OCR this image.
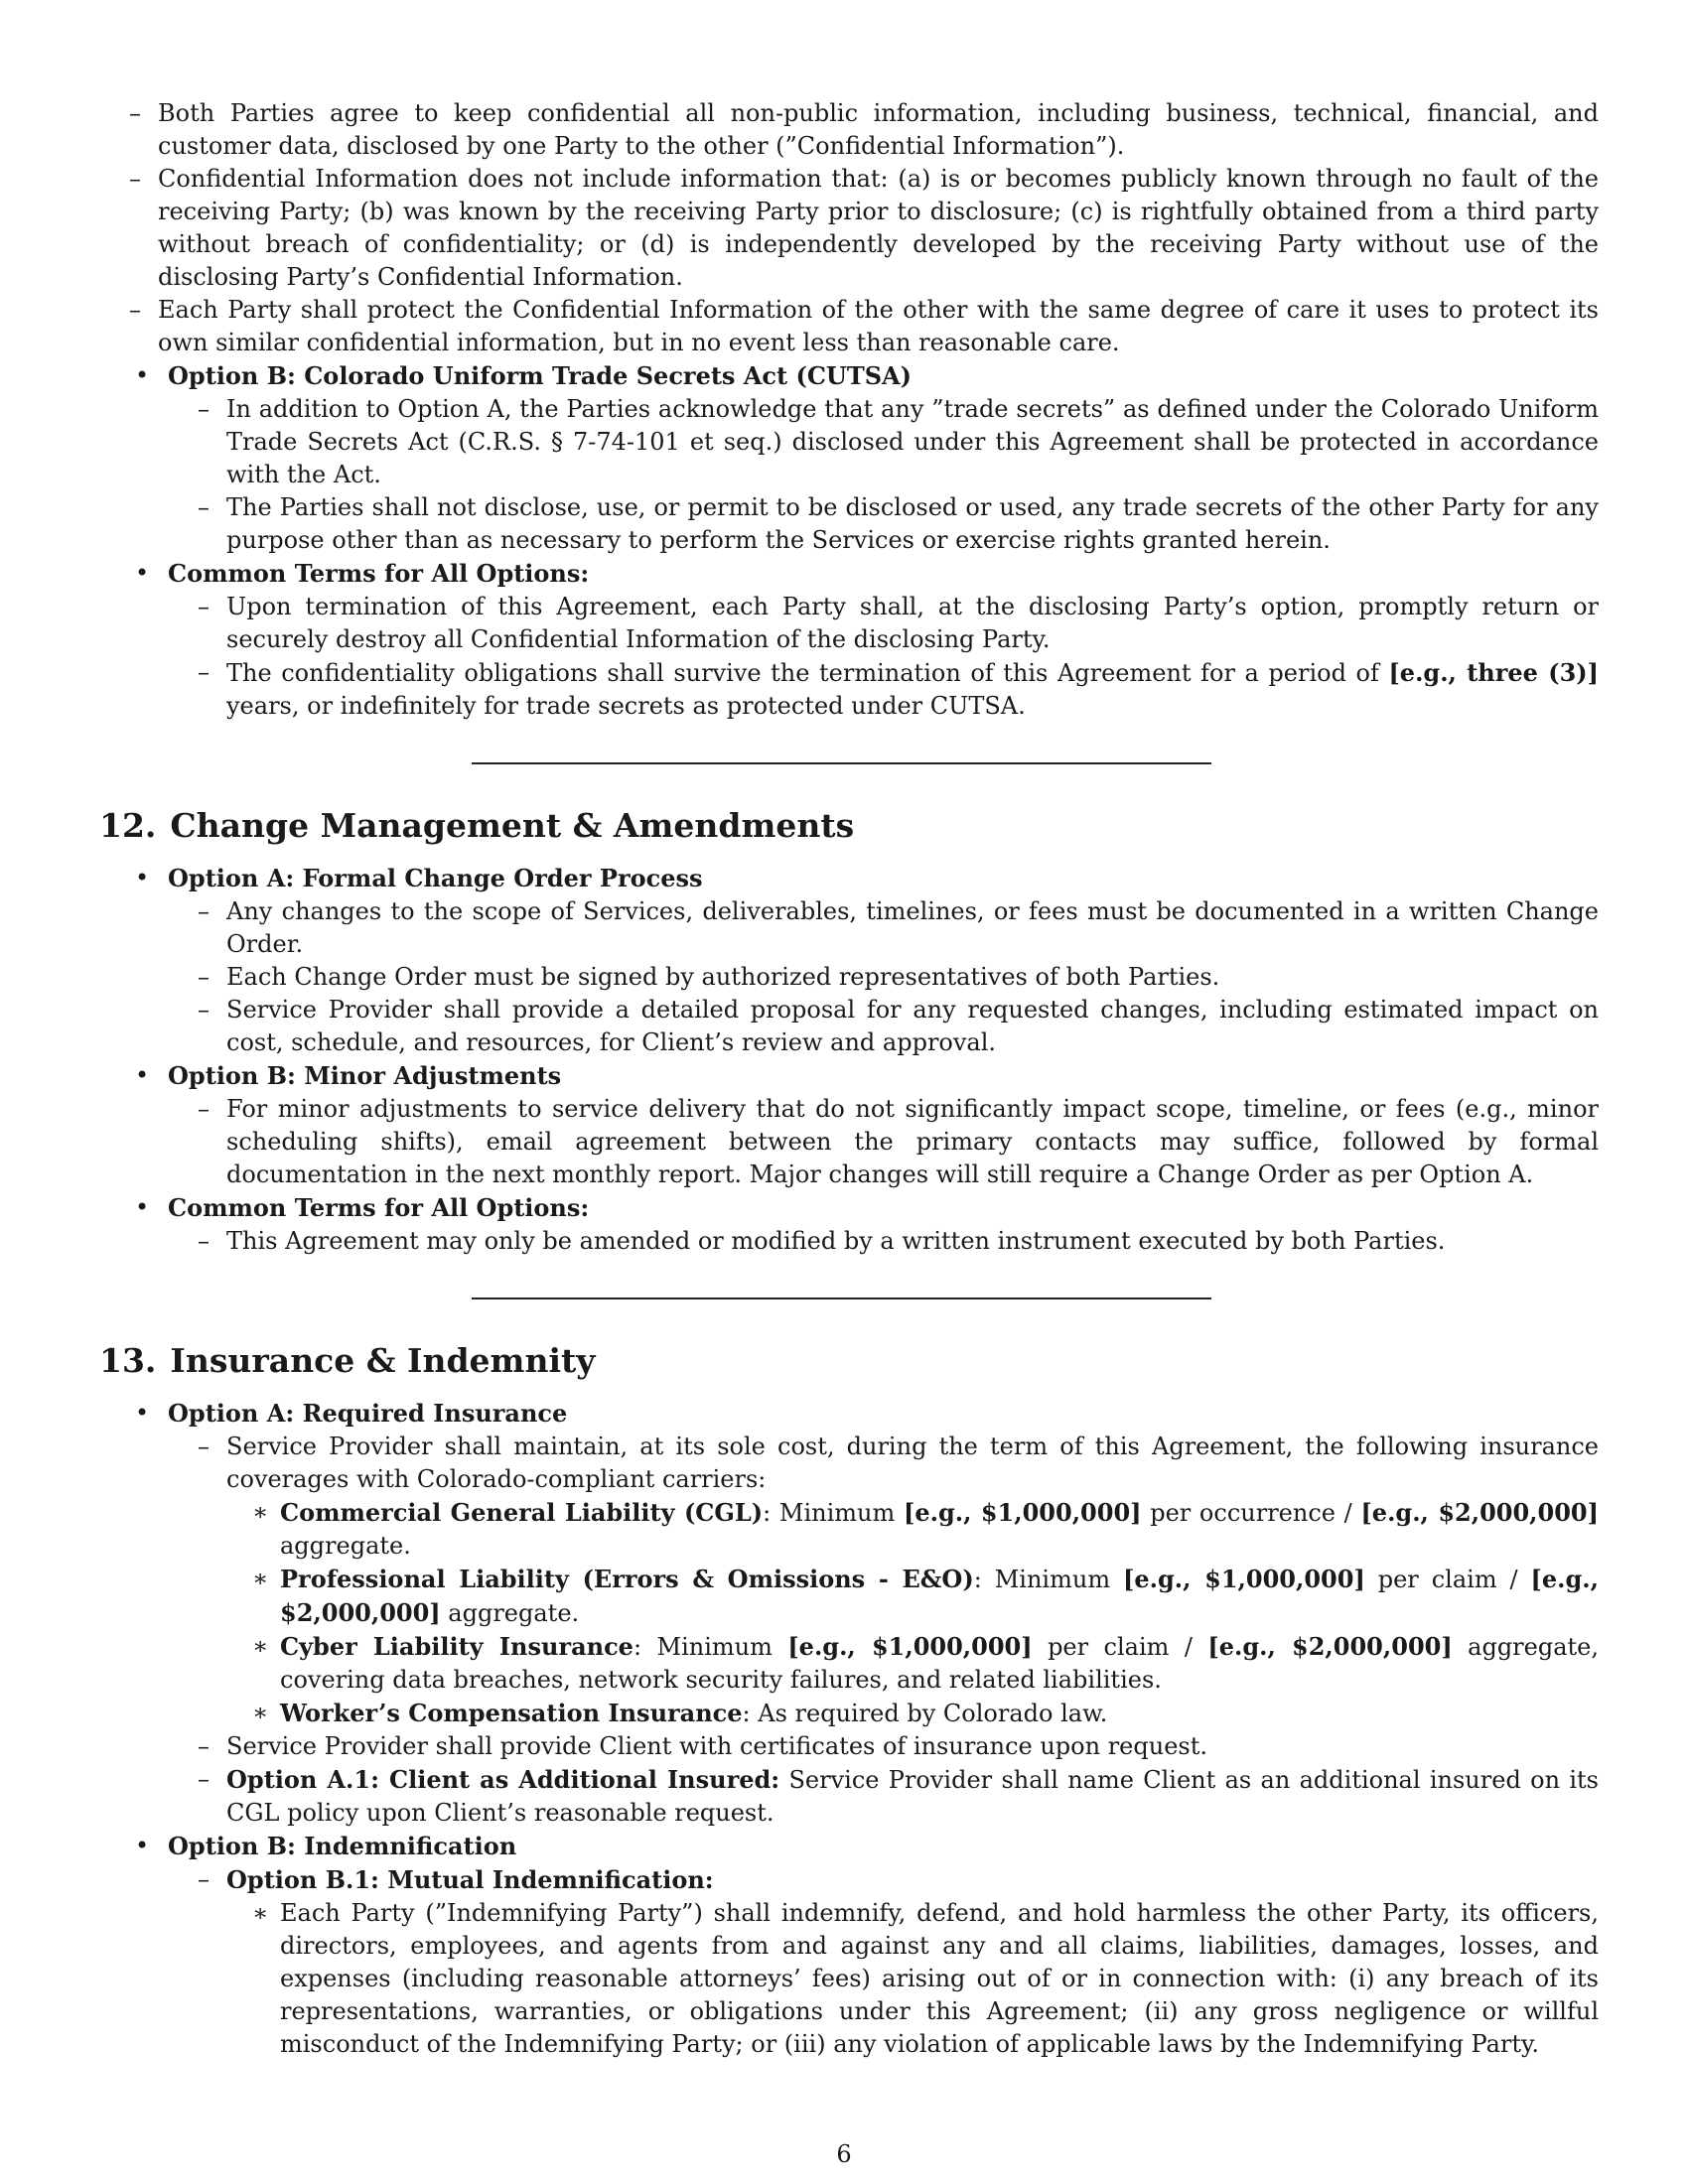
– Both Parties agree to keep confidential all non-public information, including business, technical, financial, and customer data, disclosed by one Party to the other (”Confidential Information”).
– Confidential Information does not include information that: (a) is or becomes publicly known through no fault of the receiving Party; (b) was known by the receiving Party prior to disclosure; (c) is rightfully obtained from a third party without breach of confidentiality; or (d) is independently developed by the receiving Party without use of the disclosing Party’s Confidential Information.
– Each Party shall protect the Confidential Information of the other with the same degree of care it uses to protect its own similar confidential information, but in no event less than reasonable care.
• Option B: Colorado Uniform Trade Secrets Act (CUTSA)
– In addition to Option A, the Parties acknowledge that any ”trade secrets” as defined under the Colorado Uniform Trade Secrets Act (C.R.S. § 7-74-101 et seq.) disclosed under this Agreement shall be protected in accordance with the Act.
– The Parties shall not disclose, use, or permit to be disclosed or used, any trade secrets of the other Party for any purpose other than as necessary to perform the Services or exercise rights granted herein.
• Common Terms for All Options:
– Upon termination of this Agreement, each Party shall, at the disclosing Party’s option, promptly return or securely destroy all Confidential Information of the disclosing Party.
– The confidentiality obligations shall survive the termination of this Agreement for a period of [e.g., three (3)] years, or indefinitely for trade secrets as protected under CUTSA.
12. Change Management & Amendments
• Option A: Formal Change Order Process
– Any changes to the scope of Services, deliverables, timelines, or fees must be documented in a written Change Order.
– Each Change Order must be signed by authorized representatives of both Parties.
– Service Provider shall provide a detailed proposal for any requested changes, including estimated impact on cost, schedule, and resources, for Client’s review and approval.
• Option B: Minor Adjustments
– For minor adjustments to service delivery that do not significantly impact scope, timeline, or fees (e.g., minor scheduling shifts), email agreement between the primary contacts may suffice, followed by formal documentation in the next monthly report. Major changes will still require a Change Order as per Option A.
• Common Terms for All Options:
– This Agreement may only be amended or modified by a written instrument executed by both Parties.
13. Insurance & Indemnity
• Option A: Required Insurance
– Service Provider shall maintain, at its sole cost, during the term of this Agreement, the following insurance coverages with Colorado-compliant carriers:
∗ Commercial General Liability (CGL): Minimum [e.g., $1,000,000] per occurrence / [e.g., $2,000,000] aggregate.
∗ Professional Liability (Errors & Omissions - E&O): Minimum [e.g., $1,000,000] per claim / [e.g., $2,000,000] aggregate.
∗ Cyber Liability Insurance: Minimum [e.g., $1,000,000] per claim / [e.g., $2,000,000] aggregate, covering data breaches, network security failures, and related liabilities.
∗ Worker’s Compensation Insurance: As required by Colorado law.
– Service Provider shall provide Client with certificates of insurance upon request.
– Option A.1: Client as Additional Insured: Service Provider shall name Client as an additional insured on its CGL policy upon Client’s reasonable request.
• Option B: Indemnification
– Option B.1: Mutual Indemnification:
∗ Each Party (”Indemnifying Party”) shall indemnify, defend, and hold harmless the other Party, its officers, directors, employees, and agents from and against any and all claims, liabilities, damages, losses, and expenses (including reasonable attorneys’ fees) arising out of or in connection with: (i) any breach of its representations, warranties, or obligations under this Agreement; (ii) any gross negligence or willful misconduct of the Indemnifying Party; or (iii) any violation of applicable laws by the Indemnifying Party.
6
